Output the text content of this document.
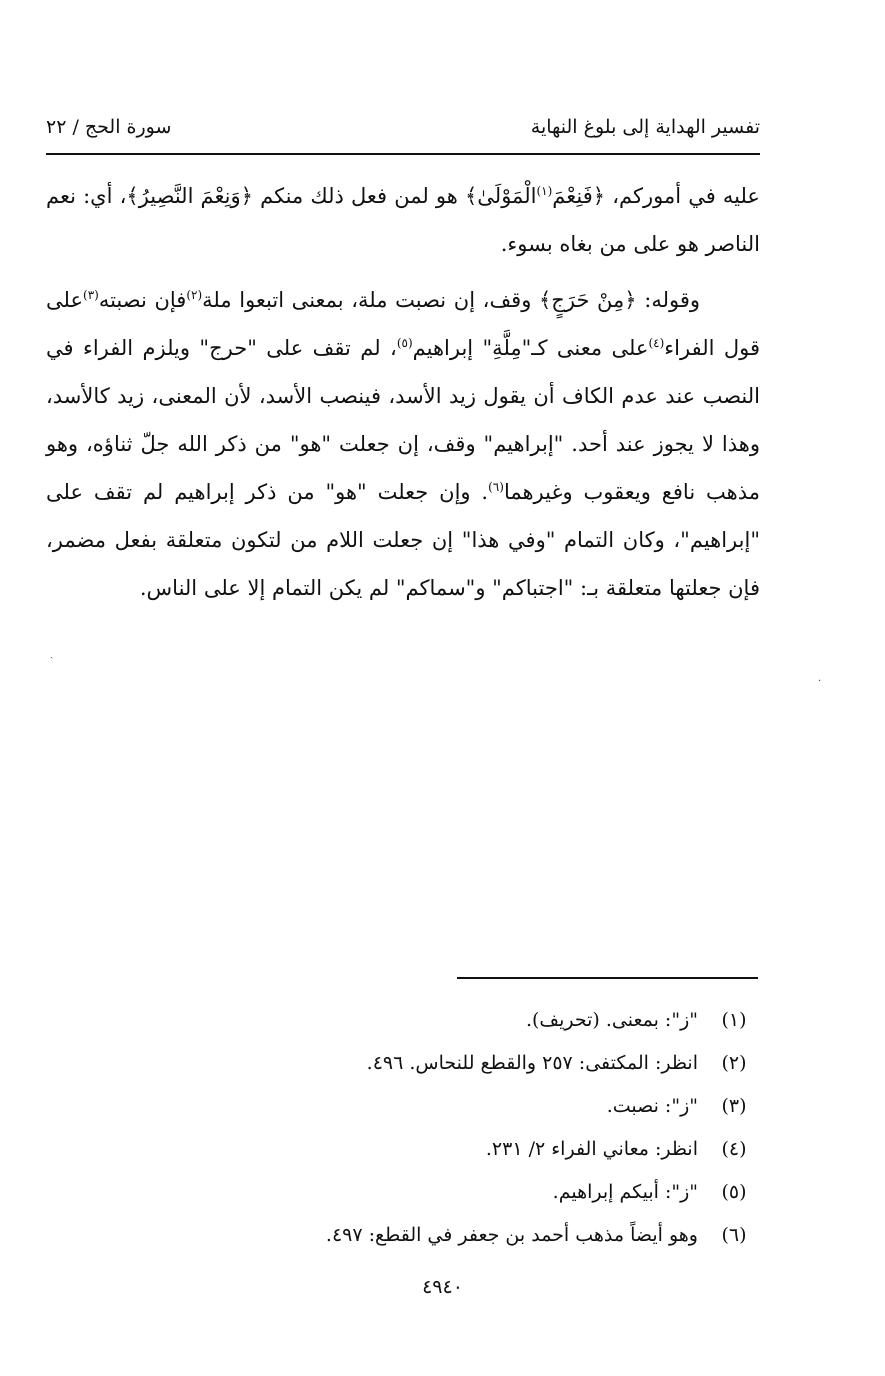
تفسير الهداية إلى بلوغ النهاية
سورة الحج / ٢٢

عليه في أموركم، ﴿فَنِعْمَ$^{(١)}$الْمَوْلَىٰ﴾ هو لمن فعل ذلك منكم ﴿وَنِعْمَ النَّصِيرُ﴾، أي: نعم الناصر هو على من بغاه بسوء.

وقوله: ﴿مِنْ حَرَجٍ﴾ وقف، إن نصبت ملة، بمعنى اتبعوا ملة$^{(٢)}$فإن نصبته$^{(٣)}$على قول الفراء$^{(٤)}$على معنى كـ"مِلَّةِ" إبراهيم$^{(٥)}$، لم تقف على "حرج" ويلزم الفراء في النصب عند عدم الكاف أن يقول زيد الأسد، فينصب الأسد، لأن المعنى، زيد كالأسد، وهذا لا يجوز عند أحد. "إبراهيم" وقف، إن جعلت "هو" من ذكر الله جلّ ثناؤه، وهو مذهب نافع ويعقوب وغيرهما$^{(٦)}$. وإن جعلت "هو" من ذكر إبراهيم لم تقف على "إبراهيم"، وكان التمام "وفي هذا" إن جعلت اللام من لتكون متعلقة بفعل مضمر، فإن جعلتها متعلقة بـ: "اجتباكم" و"سماكم" لم يكن التمام إلا على الناس.

ˎ
·
(١)"ز": بمعنى. (تحريف).
(٢)انظر: المكتفى: ٢٥٧ والقطع للنحاس. ٤٩٦.
(٣)"ز": نصبت.
(٤)انظر: معاني الفراء ٢/ ٢٣١.
(٥)"ز": أبيكم إبراهيم.
(٦)وهو أيضاً مذهب أحمد بن جعفر في القطع: ٤٩٧.
٤٩٤٠
